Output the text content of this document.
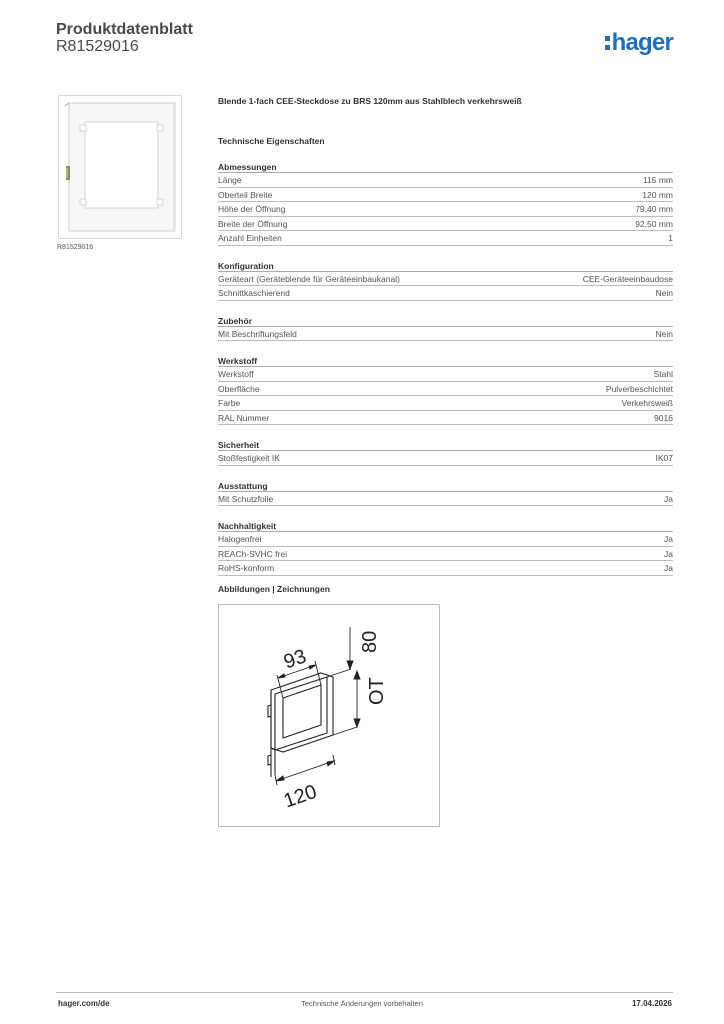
Produktdatenblatt
R81529016	hager
R81529016
Blende 1-fach CEE-Steckdose zu BRS 120mm aus Stahlblech verkehrsweiß
Technische Eigenschaften
Abmessungen
Länge	115 mm
Oberteil Breite	120 mm
Höhe der Öffnung	79,40 mm
Breite der Öffnung	92,50 mm
Anzahl Einheiten	1
Konfiguration
Geräteart (Geräteblende für Geräteeinbaukanal)	CEE-Geräteeinbaudose
Schnittkaschierend	Nein
Zubehör
Mit Beschriftungsfeld	Nein
Werkstoff
Werkstoff	Stahl
Oberfläche	Pulverbeschichtet
Farbe	Verkehrsweiß
RAL Nummer	9016
Sicherheit
Stoßfestigkeit IK	IK07
Ausstattung
Mit Schutzfolie	Ja
Nachhaltigkeit
Halogenfrei	Ja
REACh-SVHC frei	Ja
RoHS-konform	Ja
Abbildungen | Zeichnungen
93
80
OT
120
hager.com/de	Technische Änderungen vorbehalten	17.04.2026
